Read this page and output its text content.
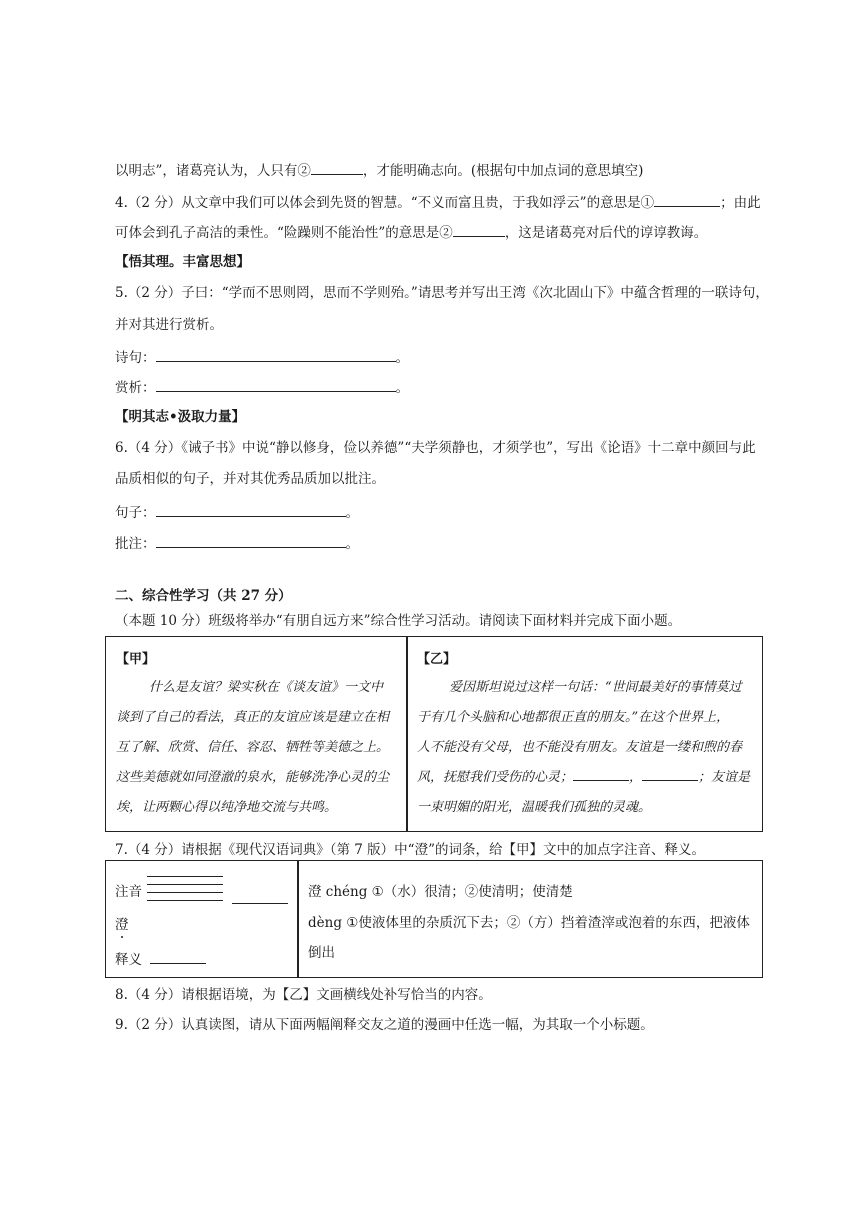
以明志”，诸葛亮认为，人只有②	，才能明确志向。(根据句中加点词的意思填空)
4.（2 分）从文章中我们可以体会到先贤的智慧。“不义而富且贵，于我如浮云”的意思是①	；由此
可体会到孔子高洁的秉性。“险躁则不能治性”的意思是②	，这是诸葛亮对后代的谆谆教诲。
【悟其理。丰富思想】
5.（2 分）子曰：“学而不思则罔，思而不学则殆。”请思考并写出王湾《次北固山下》中蕴含哲理的一联诗句，
并对其进行赏析。
诗句：	。
赏析：	。
【明其志•汲取力量】
6.（4 分）《诫子书》中说“静以修身，俭以养德”“夫学须静也，才须学也”，写出《论语》十二章中颜回与此
品质相似的句子，并对其优秀品质加以批注。
句子：	。
批注：	。
二、综合性学习（共 27 分）
（本题 10 分）班级将举办“有朋自远方来”综合性学习活动。请阅读下面材料并完成下面小题。
【甲】
什么是友谊？梁实秋在《谈友谊》一文中
谈到了自己的看法，真正的友谊应该是建立在相
互了解、欣赏、信任、容忍、牺牲等美德之上。
这些美德就如同澄澈的泉水，能够洗净心灵的尘
埃，让两颗心得以纯净地交流与共鸣。
【乙】
爱因斯坦说过这样一句话：“世间最美好的事情莫过
于有几个头脑和心地都很正直的朋友。”在这个世界上，
人不能没有父母，也不能没有朋友。友谊是一缕和煦的春
风，抚慰我们受伤的心灵；	，	；友谊是
一束明媚的阳光，温暖我们孤独的灵魂。
7.（4 分）请根据《现代汉语词典》（第 7 版）中“澄”的词条，给【甲】文中的加点字注音、释义。
注音
澄
释义
澄 chéng ①（水）很清；②使清明；使清楚
dèng ①使液体里的杂质沉下去；②（方）挡着渣滓或泡着的东西，把液体
倒出
8.（4 分）请根据语境，为【乙】文画横线处补写恰当的内容。
9.（2 分）认真读图，请从下面两幅阐释交友之道的漫画中任选一幅，为其取一个小标题。
